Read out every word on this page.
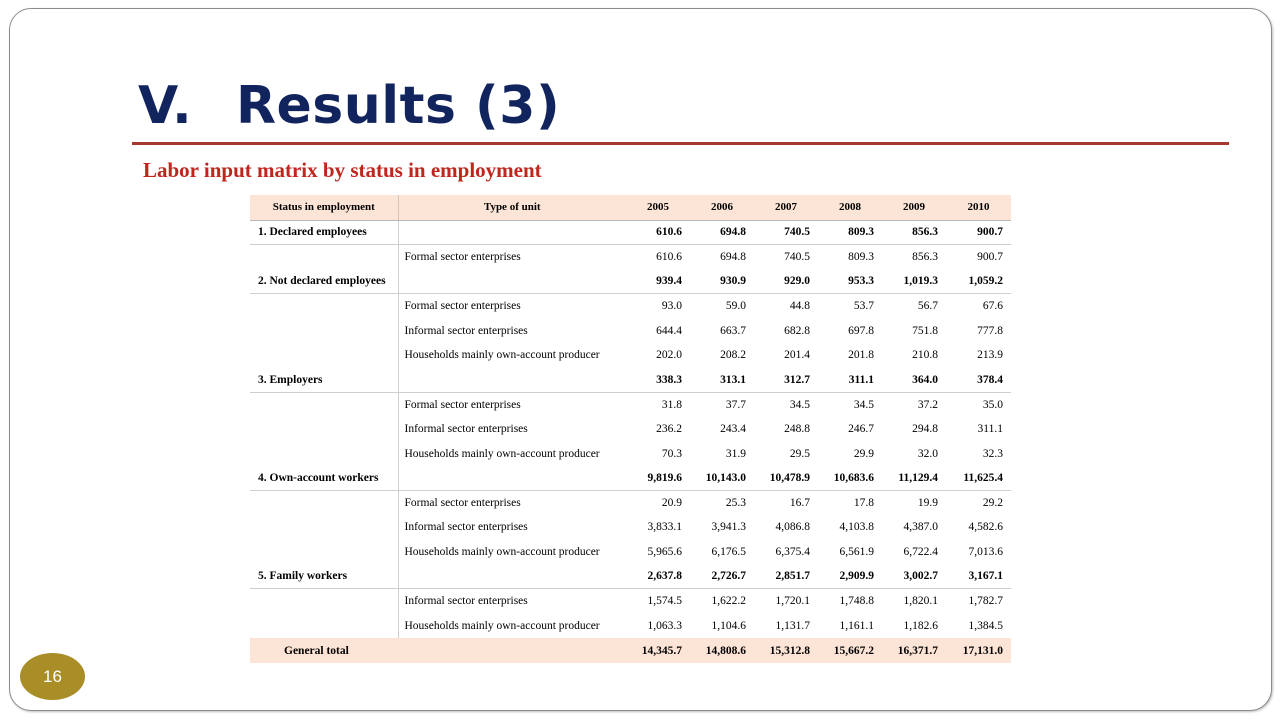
V. Results (3)
Labor input matrix by status in employment
Status in employment	Type of unit	2005	2006	2007	2008	2009	2010
1. Declared employees		610.6	694.8	740.5	809.3	856.3	900.7
	Formal sector enterprises	610.6	694.8	740.5	809.3	856.3	900.7
2. Not declared employees		939.4	930.9	929.0	953.3	1,019.3	1,059.2
	Formal sector enterprises	93.0	59.0	44.8	53.7	56.7	67.6
	Informal sector enterprises	644.4	663.7	682.8	697.8	751.8	777.8
	Households mainly own-account producer	202.0	208.2	201.4	201.8	210.8	213.9
3. Employers		338.3	313.1	312.7	311.1	364.0	378.4
	Formal sector enterprises	31.8	37.7	34.5	34.5	37.2	35.0
	Informal sector enterprises	236.2	243.4	248.8	246.7	294.8	311.1
	Households mainly own-account producer	70.3	31.9	29.5	29.9	32.0	32.3
4. Own-account workers		9,819.6	10,143.0	10,478.9	10,683.6	11,129.4	11,625.4
	Formal sector enterprises	20.9	25.3	16.7	17.8	19.9	29.2
	Informal sector enterprises	3,833.1	3,941.3	4,086.8	4,103.8	4,387.0	4,582.6
	Households mainly own-account producer	5,965.6	6,176.5	6,375.4	6,561.9	6,722.4	7,013.6
5. Family workers		2,637.8	2,726.7	2,851.7	2,909.9	3,002.7	3,167.1
	Informal sector enterprises	1,574.5	1,622.2	1,720.1	1,748.8	1,820.1	1,782.7
	Households mainly own-account producer	1,063.3	1,104.6	1,131.7	1,161.1	1,182.6	1,384.5
General total		14,345.7	14,808.6	15,312.8	15,667.2	16,371.7	17,131.0
16
